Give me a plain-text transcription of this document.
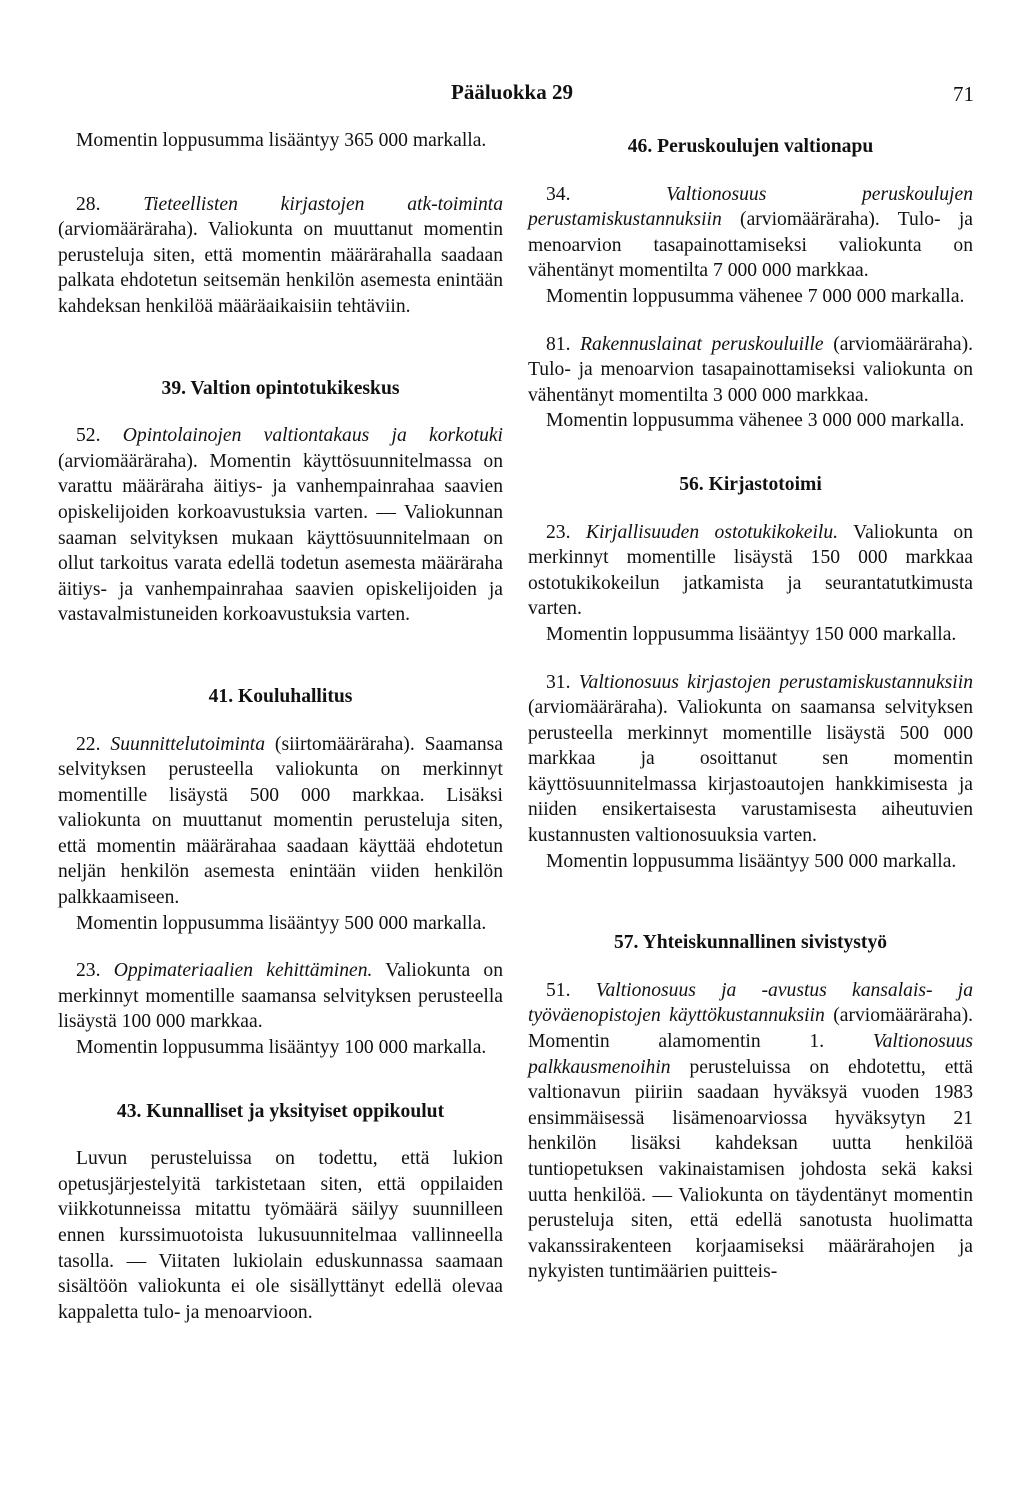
Pääluokka 29	71

Momentin loppusumma lisääntyy 365 000 markalla.

28. Tieteellisten kirjastojen atk-toiminta (arviomääräraha). Valiokunta on muuttanut momentin perusteluja siten, että momentin määrärahalla saadaan palkata ehdotetun seitsemän henkilön asemesta enintään kahdeksan henkilöä määräaikaisiin tehtäviin.

39. Valtion opintotukikeskus

52. Opintolainojen valtiontakaus ja korkotuki (arviomääräraha). Momentin käyttösuunnitelmassa on varattu määräraha äitiys- ja vanhempainrahaa saavien opiskelijoiden korkoavustuksia varten. — Valiokunnan saaman selvityksen mukaan käyttösuunnitelmaan on ollut tarkoitus varata edellä todetun asemesta määräraha äitiys- ja vanhempainrahaa saavien opiskelijoiden ja vastavalmistuneiden korkoavustuksia varten.

41. Kouluhallitus

22. Suunnittelutoiminta (siirtomääräraha). Saamansa selvityksen perusteella valiokunta on merkinnyt momentille lisäystä 500 000 markkaa. Lisäksi valiokunta on muuttanut momentin perusteluja siten, että momentin määrärahaa saadaan käyttää ehdotetun neljän henkilön asemesta enintään viiden henkilön palkkaamiseen.

Momentin loppusumma lisääntyy 500 000 markalla.

23. Oppimateriaalien kehittäminen. Valiokunta on merkinnyt momentille saamansa selvityksen perusteella lisäystä 100 000 markkaa.

Momentin loppusumma lisääntyy 100 000 markalla.

43. Kunnalliset ja yksityiset oppikoulut

Luvun perusteluissa on todettu, että lukion opetusjärjestelyitä tarkistetaan siten, että oppilaiden viikkotunneissa mitattu työmäärä säilyy suunnilleen ennen kurssimuotoista lukusuunnitelmaa vallinneella tasolla. — Viitaten lukiolain eduskunnassa saamaan sisältöön valiokunta ei ole sisällyttänyt edellä olevaa kappaletta tulo- ja menoarvioon.

46. Peruskoulujen valtionapu

34. Valtionosuus peruskoulujen perustamiskustannuksiin (arviomääräraha). Tulo- ja menoarvion tasapainottamiseksi valiokunta on vähentänyt momentilta 7 000 000 markkaa.

Momentin loppusumma vähenee 7 000 000 markalla.

81. Rakennuslainat peruskouluille (arviomääräraha). Tulo- ja menoarvion tasapainottamiseksi valiokunta on vähentänyt momentilta 3 000 000 markkaa.

Momentin loppusumma vähenee 3 000 000 markalla.

56. Kirjastotoimi

23. Kirjallisuuden ostotukikokeilu. Valiokunta on merkinnyt momentille lisäystä 150 000 markkaa ostotukikokeilun jatkamista ja seurantatutkimusta varten.

Momentin loppusumma lisääntyy 150 000 markalla.

31. Valtionosuus kirjastojen perustamiskustannuksiin (arviomääräraha). Valiokunta on saamansa selvityksen perusteella merkinnyt momentille lisäystä 500 000 markkaa ja osoittanut sen momentin käyttösuunnitelmassa kirjastoautojen hankkimisesta ja niiden ensikertaisesta varustamisesta aiheutuvien kustannusten valtionosuuksia varten.

Momentin loppusumma lisääntyy 500 000 markalla.

57. Yhteiskunnallinen sivistystyö

51. Valtionosuus ja -avustus kansalais- ja työväenopistojen käyttökustannuksiin (arviomääräraha). Momentin alamomentin 1. Valtionosuus palkkausmenoihin perusteluissa on ehdotettu, että valtionavun piiriin saadaan hyväksyä vuoden 1983 ensimmäisessä lisämenoarviossa hyväksytyn 21 henkilön lisäksi kahdeksan uutta henkilöä tuntiopetuksen vakinaistamisen johdosta sekä kaksi uutta henkilöä. — Valiokunta on täydentänyt momentin perusteluja siten, että edellä sanotusta huolimatta vakanssirakenteen korjaamiseksi määrärahojen ja nykyisten tuntimäärien puitteis-
